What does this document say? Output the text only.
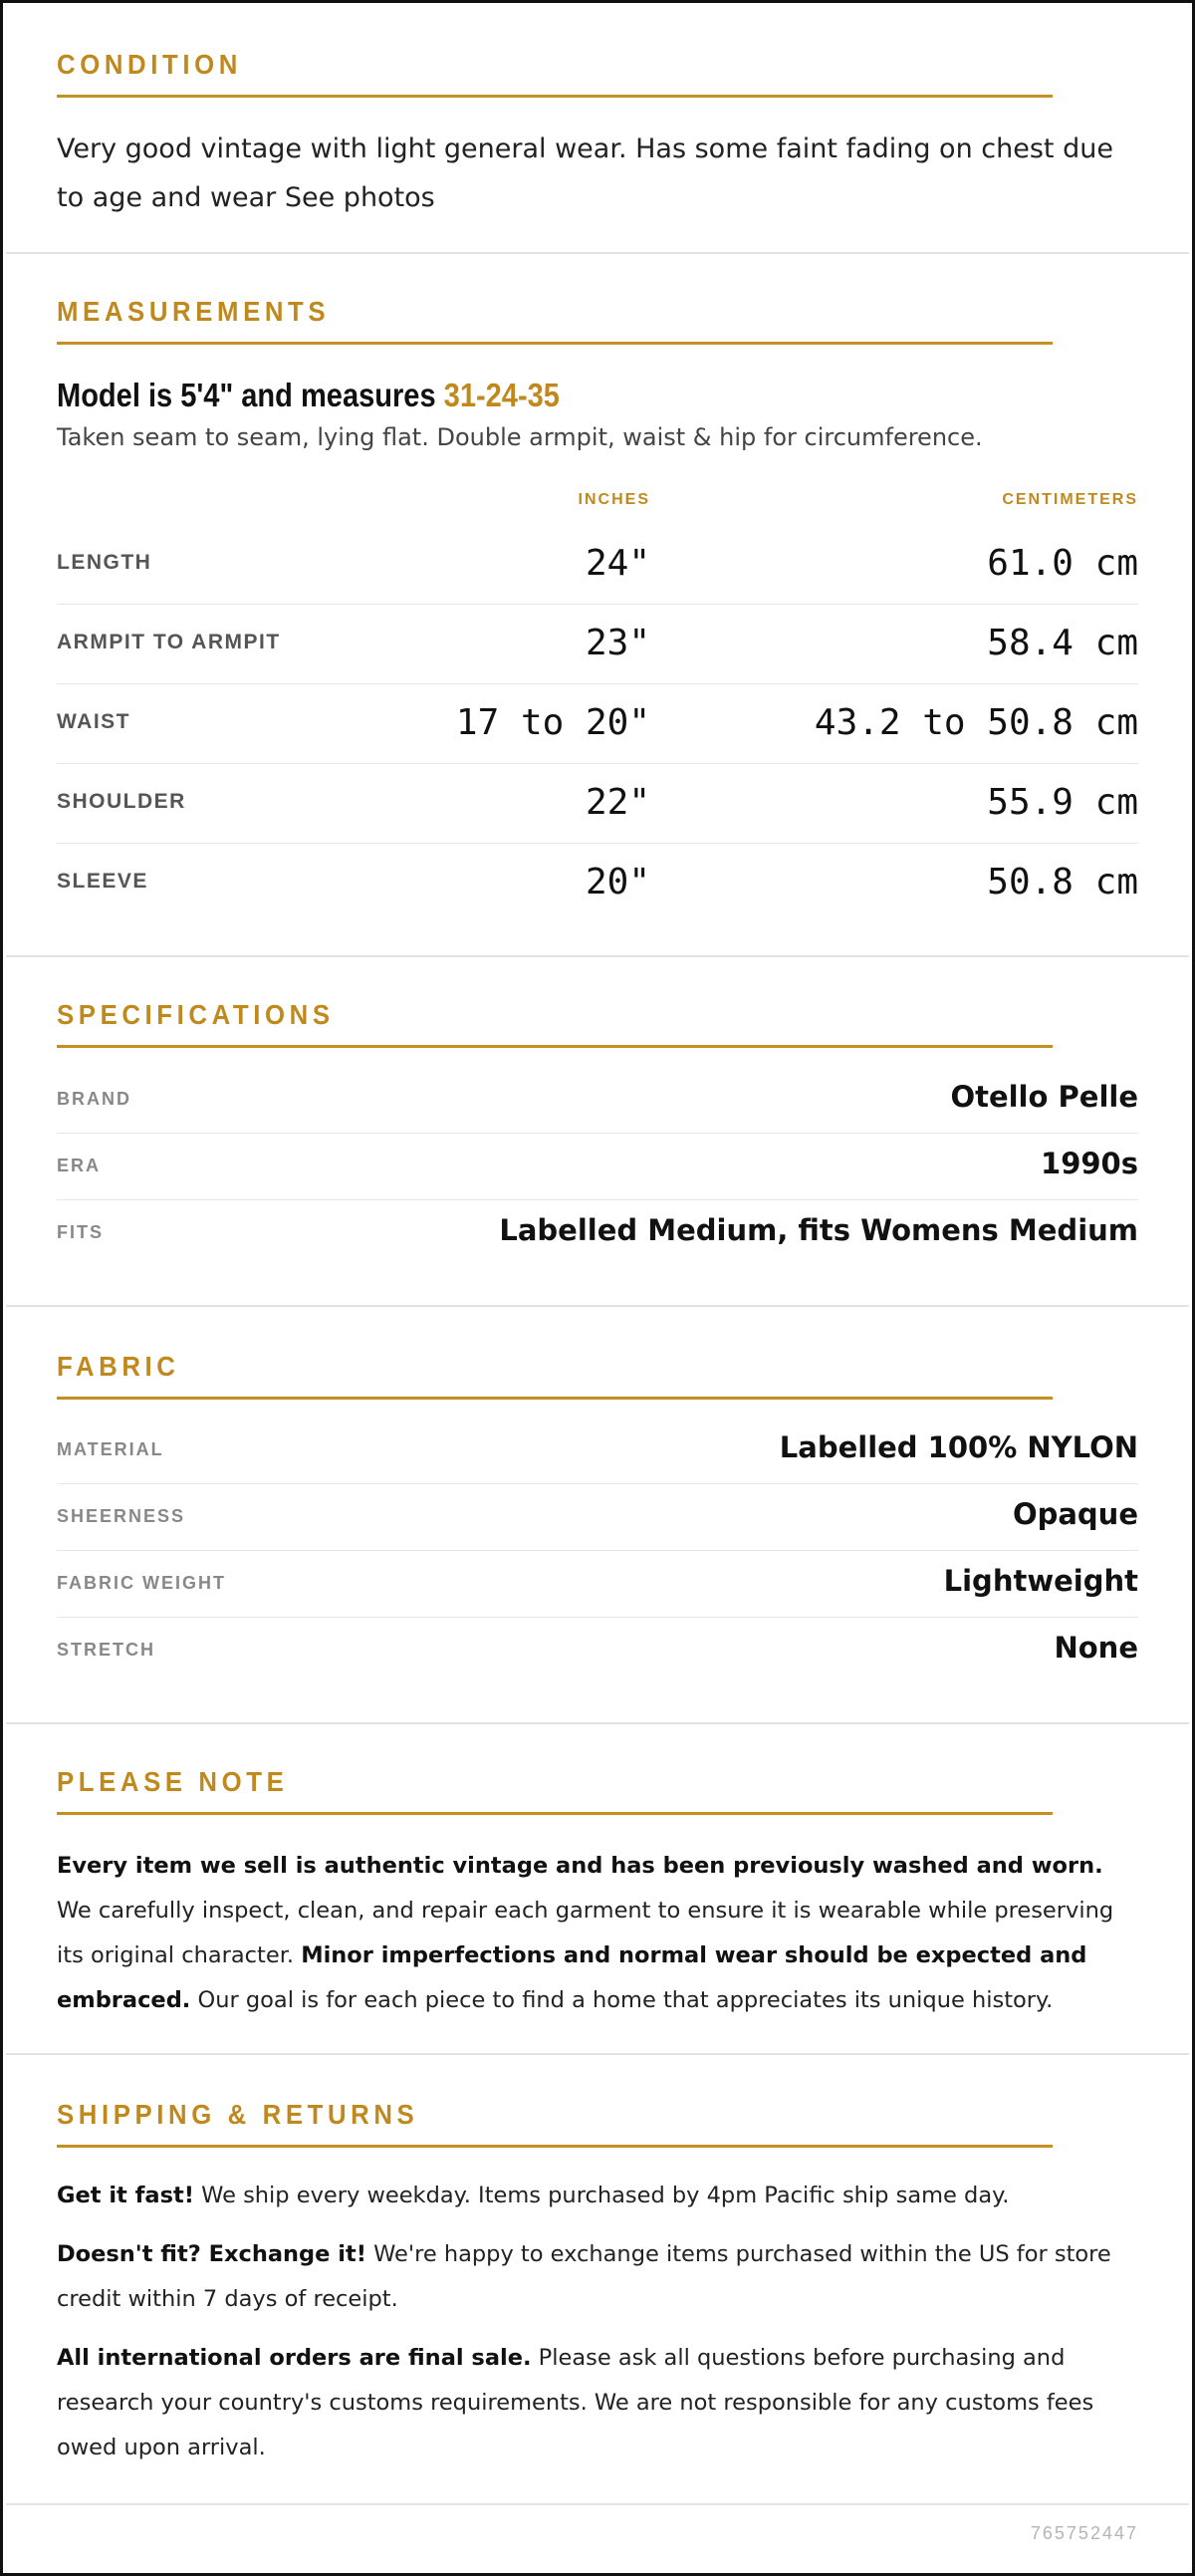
CONDITION
Very good vintage with light general wear. Has some faint fading on chest due to age and wear See photos
MEASUREMENTS
Model is 5'4" and measures 31-24-35
Taken seam to seam, lying flat. Double armpit, waist & hip for circumference.
INCHES	CENTIMETERS
LENGTH	24"	61.0 cm
ARMPIT TO ARMPIT	23"	58.4 cm
WAIST	17 to 20"	43.2 to 50.8 cm
SHOULDER	22"	55.9 cm
SLEEVE	20"	50.8 cm
SPECIFICATIONS
BRAND	Otello Pelle
ERA	1990s
FITS	Labelled Medium, fits Womens Medium
FABRIC
MATERIAL	Labelled 100% NYLON
SHEERNESS	Opaque
FABRIC WEIGHT	Lightweight
STRETCH	None
PLEASE NOTE
Every item we sell is authentic vintage and has been previously washed and worn. We carefully inspect, clean, and repair each garment to ensure it is wearable while preserving its original character. Minor imperfections and normal wear should be expected and embraced. Our goal is for each piece to find a home that appreciates its unique history.
SHIPPING & RETURNS
Get it fast! We ship every weekday. Items purchased by 4pm Pacific ship same day.
Doesn't fit? Exchange it! We're happy to exchange items purchased within the US for store credit within 7 days of receipt.
All international orders are final sale. Please ask all questions before purchasing and research your country's customs requirements. We are not responsible for any customs fees owed upon arrival.
765752447
